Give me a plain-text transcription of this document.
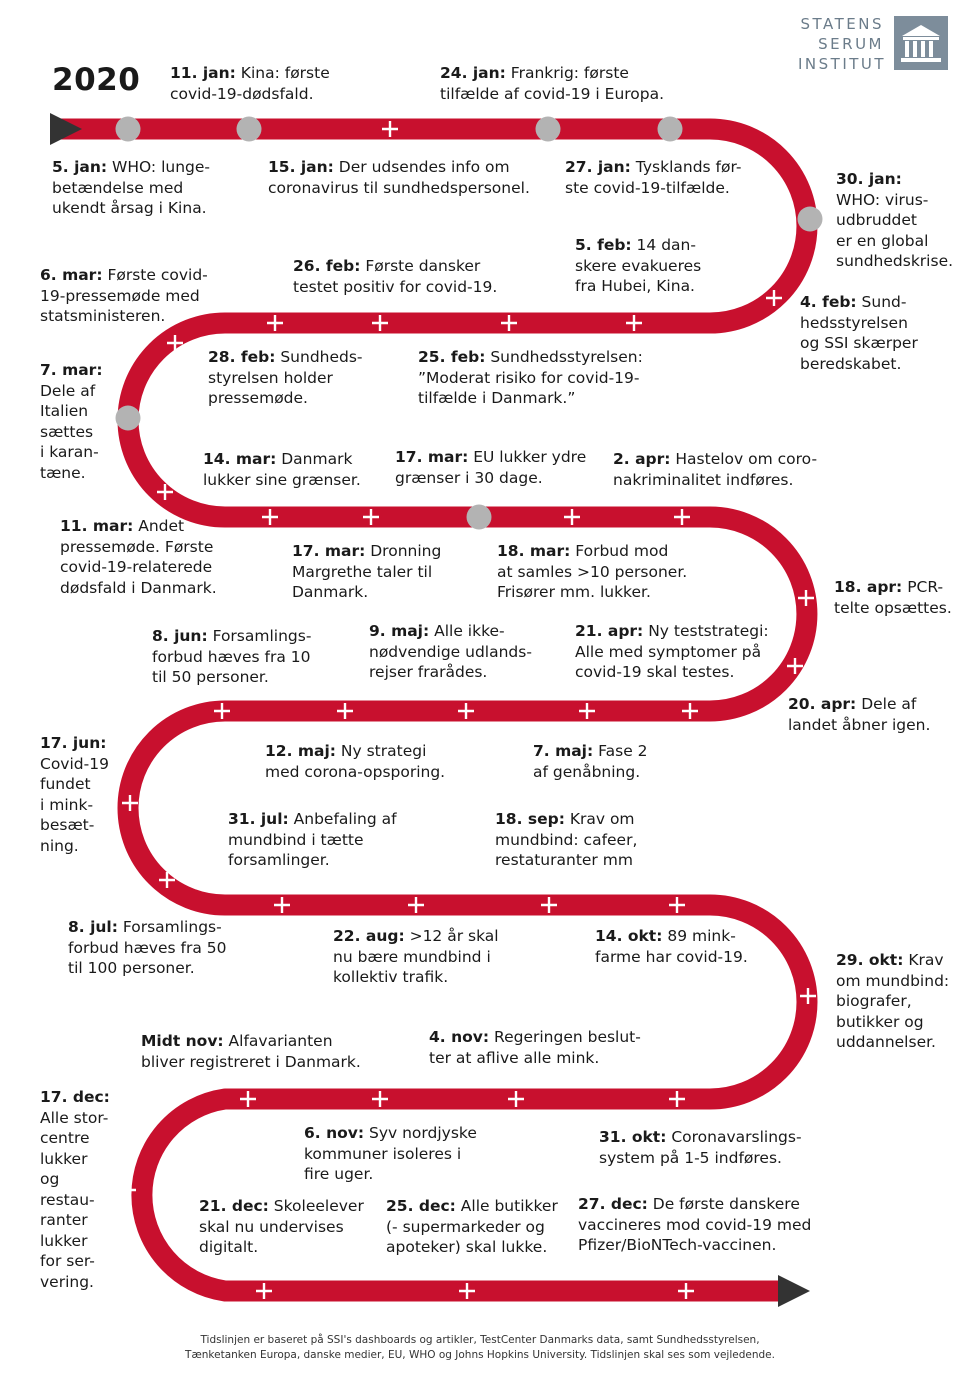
2020
STATENS
SERUM
INSTITUT
5. jan: WHO: lunge-
betændelse med
ukendt årsag i Kina.
11. jan: Kina: første
covid-19-dødsfald.
15. jan: Der udsendes info om
coronavirus til sundhedspersonel.
24. jan: Frankrig: første
tilfælde af covid-19 i Europa.
27. jan: Tysklands før-
ste covid-19-tilfælde.	30. jan:
WHO: virus-
udbruddet
er en global
sundhedskrise.
4. feb: Sund-
hedsstyrelsen
og SSI skærper
beredskabet.
5. feb: 14 dan-
skere evakueres
fra Hubei, Kina.
26. feb: Første dansker
testet positiv for covid-19.
25. feb: Sundhedsstyrelsen:
”Moderat risiko for covid-19-
tilfælde i Danmark.”
28. feb: Sundheds-
styrelsen holder
pressemøde.
6. mar: Første covid-
19-pressemøde med
statsministeren.
7. mar:
Dele af
Italien
sættes
i karan-
tæne.
11. mar: Andet
pressemøde. Første
covid-19-relaterede
dødsfald i Danmark.
14. mar: Danmark
lukker sine grænser.
17. mar: EU lukker ydre
grænser i 30 dage.
2. apr: Hastelov om coro-
nakriminalitet indføres.
17. mar: Dronning
Margrethe taler til
Danmark.
18. mar: Forbud mod
at samles >10 personer.
Frisører mm. lukker.	18. apr: PCR-
telte opsættes.
8. jun: Forsamlings-
forbud hæves fra 10
til 50 personer.
9. maj: Alle ikke-
nødvendige udlands-
rejser frarådes.
21. apr: Ny teststrategi:
Alle med symptomer på
covid-19 skal testes.
20. apr: Dele af
landet åbner igen.
12. maj: Ny strategi
med corona-opsporing.
7. maj: Fase 2
af genåbning.
17. jun:
Covid-19
fundet
i mink-
besæt-
ning.
31. jul: Anbefaling af
mundbind i tætte
forsamlinger.
18. sep: Krav om
mundbind: cafeer,
restaturanter mm
8. jul: Forsamlings-
forbud hæves fra 50
til 100 personer.
22. aug: >12 år skal
nu bære mundbind i
kollektiv trafik.
14. okt: 89 mink-
farme har covid-19.	29. okt: Krav
om mundbind:
biografer,
butikker og
uddannelser.
Midt nov: Alfavarianten
bliver registreret i Danmark.
4. nov: Regeringen beslut-
ter at aflive alle mink.
17. dec:
Alle stor-
centre
lukker
og
restau-
ranter
lukker
for ser-
vering.
6. nov: Syv nordjyske
kommuner isoleres i
fire uger.
31. okt: Coronavarslings-
system på 1-5 indføres.
21. dec: Skoleelever
skal nu undervises
digitalt.
25. dec: Alle butikker
(- supermarkeder og
apoteker) skal lukke.
27. dec: De første danskere
vaccineres mod covid-19 med
Pfizer/BioNTech-vaccinen.
Tidslinjen er baseret på SSI's dashboards og artikler, TestCenter Danmarks data, samt Sundhedsstyrelsen,
Tænketanken Europa, danske medier, EU, WHO og Johns Hopkins University. Tidslinjen skal ses som vejledende.
